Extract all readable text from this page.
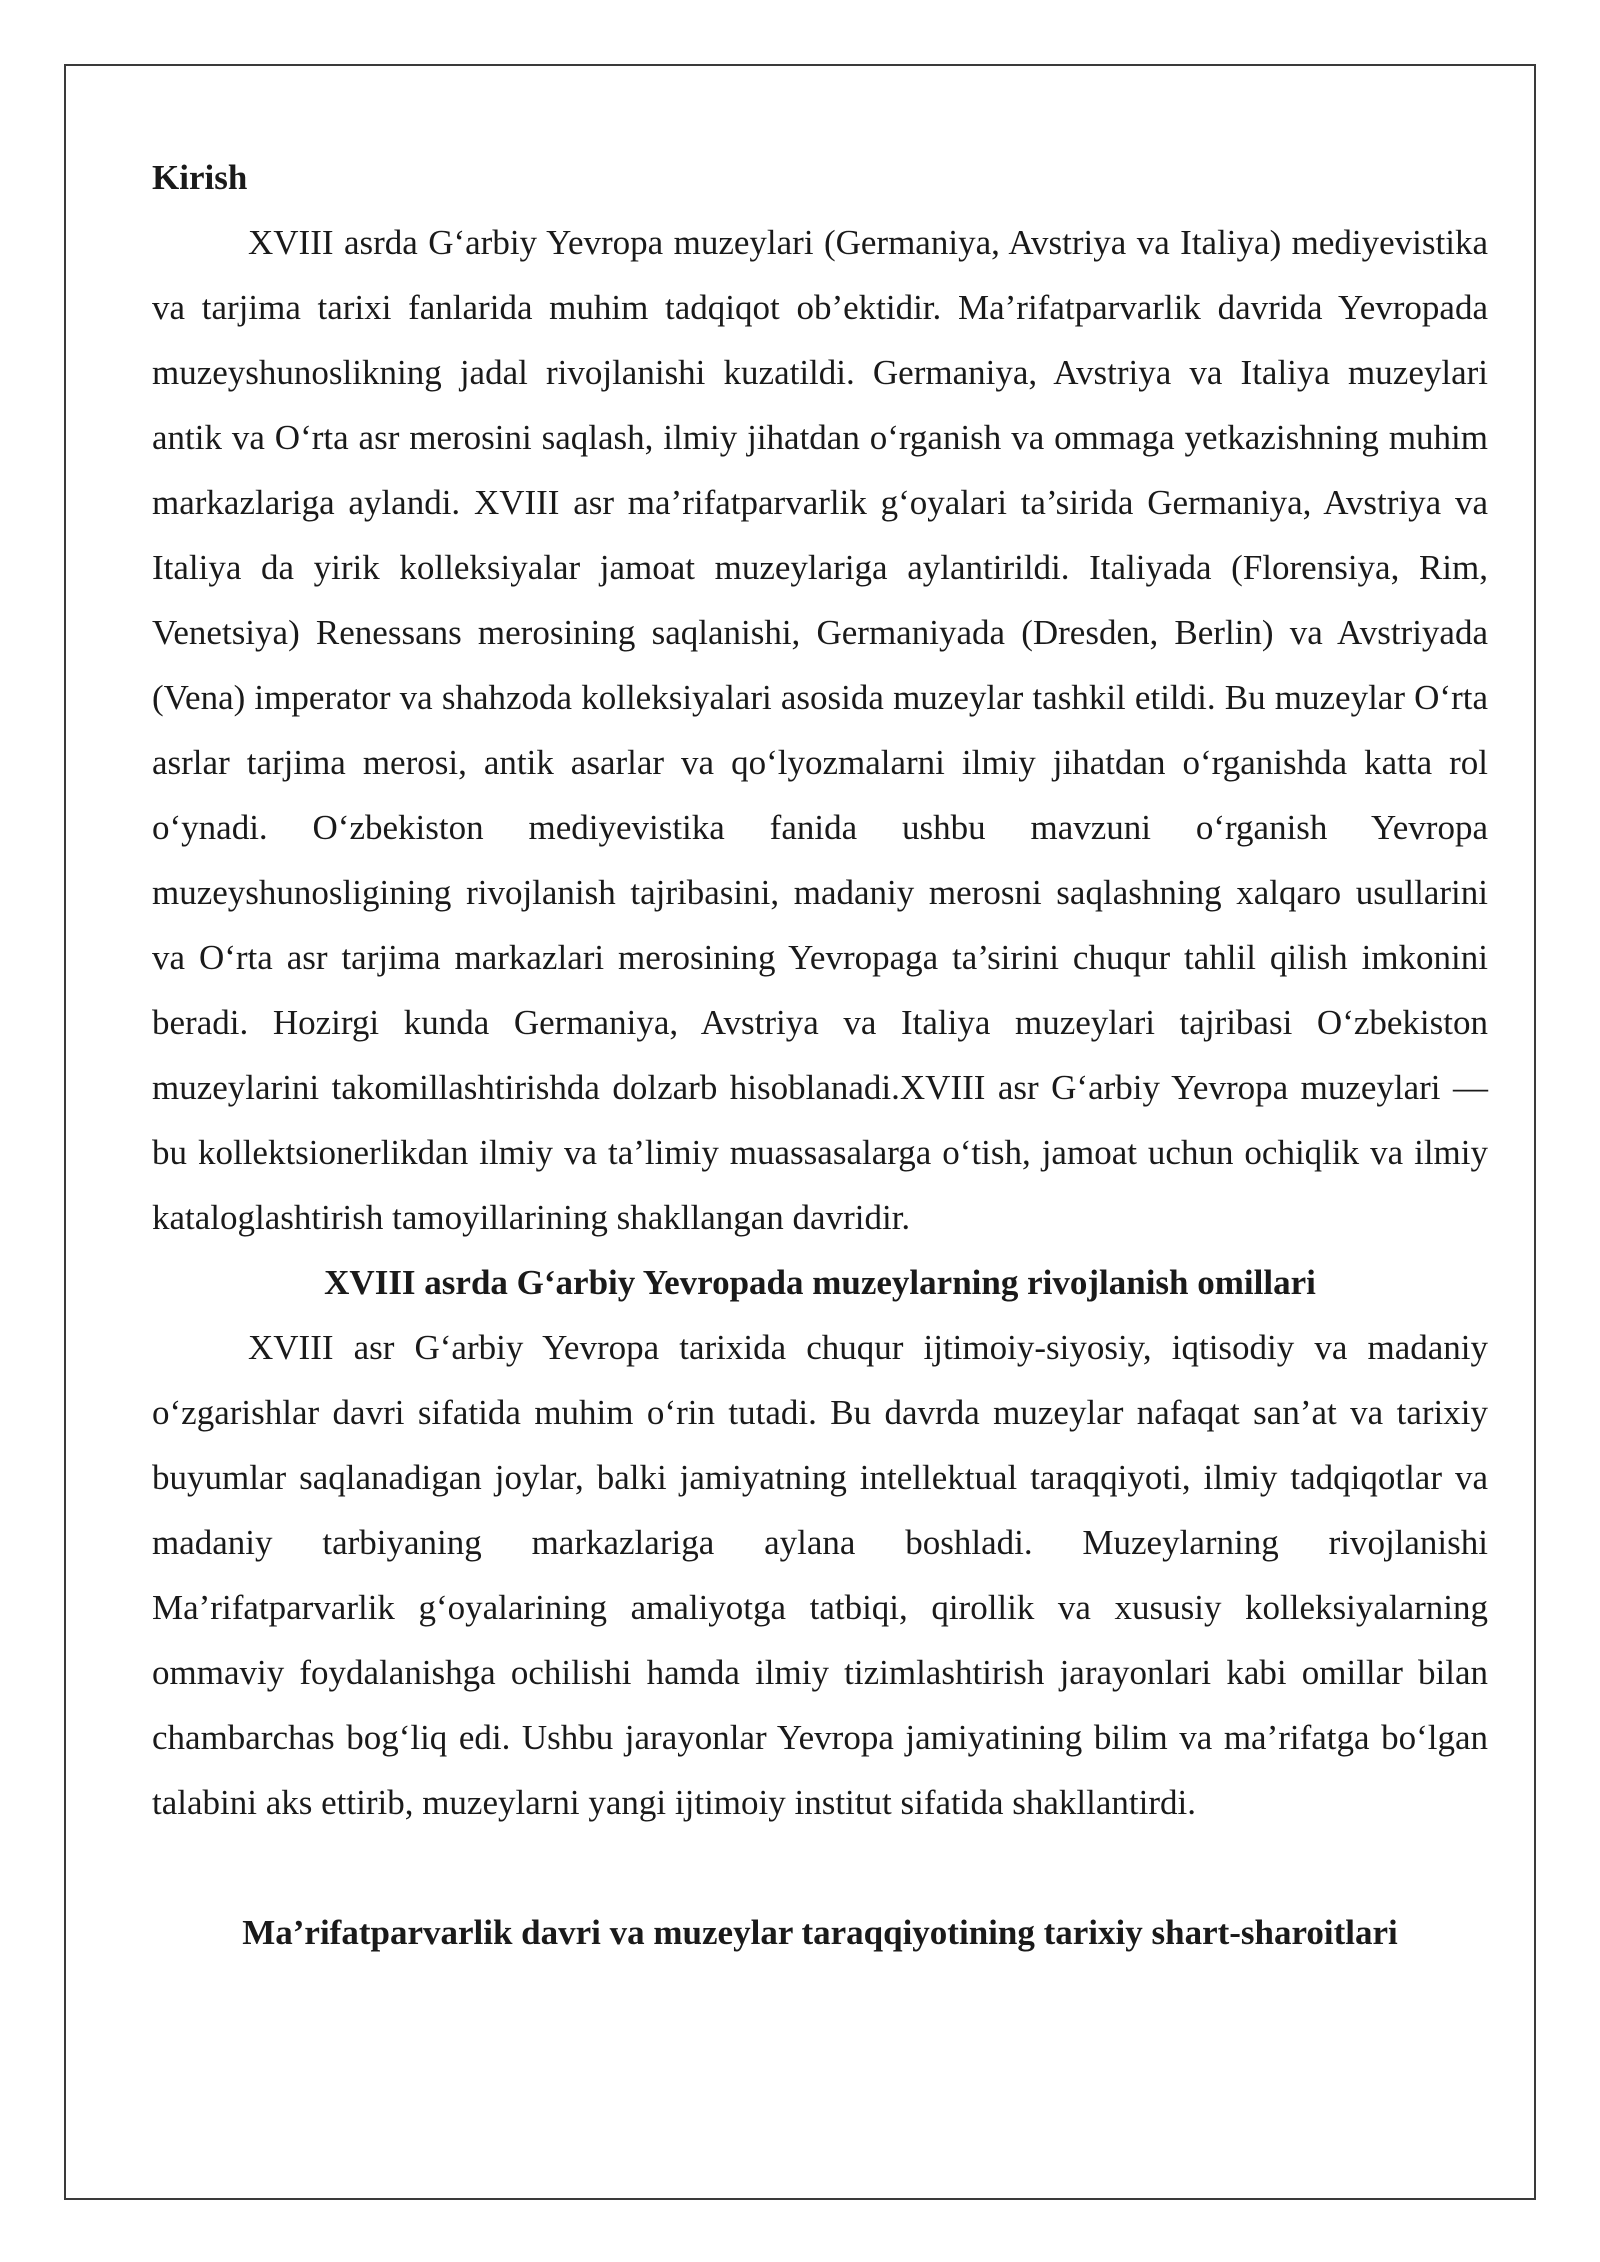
Kirish

XVIII asrda G‘arbiy Yevropa muzeylari (Germaniya, Avstriya va Italiya) mediyevistika va tarjima tarixi fanlarida muhim tadqiqot ob’ektidir. Ma’rifatparvarlik davrida Yevropada muzeyshunoslikning jadal rivojlanishi kuzatildi. Germaniya, Avstriya va Italiya muzeylari antik va O‘rta asr merosini saqlash, ilmiy jihatdan o‘rganish va ommaga yetkazishning muhim markazlariga aylandi. XVIII asr ma’rifatparvarlik g‘oyalari ta’sirida Germaniya, Avstriya va Italiya da yirik kolleksiyalar jamoat muzeylariga aylantirildi. Italiyada (Florensiya, Rim, Venetsiya) Renessans merosining saqlanishi, Germaniyada (Dresden, Berlin) va Avstriyada (Vena) imperator va shahzoda kolleksiyalari asosida muzeylar tashkil etildi. Bu muzeylar O‘rta asrlar tarjima merosi, antik asarlar va qo‘lyozmalarni ilmiy jihatdan o‘rganishda katta rol o‘ynadi. O‘zbekiston mediyevistika fanida ushbu mavzuni o‘rganish Yevropa muzeyshunosligining rivojlanish tajribasini, madaniy merosni saqlashning xalqaro usullarini va O‘rta asr tarjima markazlari merosining Yevropaga ta’sirini chuqur tahlil qilish imkonini beradi. Hozirgi kunda Germaniya, Avstriya va Italiya muzeylari tajribasi O‘zbekiston muzeylarini takomillashtirishda dolzarb hisoblanadi.XVIII asr G‘arbiy Yevropa muzeylari — bu kollektsionerlikdan ilmiy va ta’limiy muassasalarga o‘tish, jamoat uchun ochiqlik va ilmiy kataloglashtirish tamoyillarining shakllangan davridir.

XVIII asrda G‘arbiy Yevropada muzeylarning rivojlanish omillari

XVIII asr G‘arbiy Yevropa tarixida chuqur ijtimoiy-siyosiy, iqtisodiy va madaniy o‘zgarishlar davri sifatida muhim o‘rin tutadi. Bu davrda muzeylar nafaqat san’at va tarixiy buyumlar saqlanadigan joylar, balki jamiyatning intellektual taraqqiyoti, ilmiy tadqiqotlar va madaniy tarbiyaning markazlariga aylana boshladi. Muzeylarning rivojlanishi Ma’rifatparvarlik g‘oyalarining amaliyotga tatbiqi, qirollik va xususiy kolleksiyalarning ommaviy foydalanishga ochilishi hamda ilmiy tizimlashtirish jarayonlari kabi omillar bilan chambarchas bog‘liq edi. Ushbu jarayonlar Yevropa jamiyatining bilim va ma’rifatga bo‘lgan talabini aks ettirib, muzeylarni yangi ijtimoiy institut sifatida shakllantirdi.

Ma’rifatparvarlik davri va muzeylar taraqqiyotining tarixiy shart-sharoitlari
